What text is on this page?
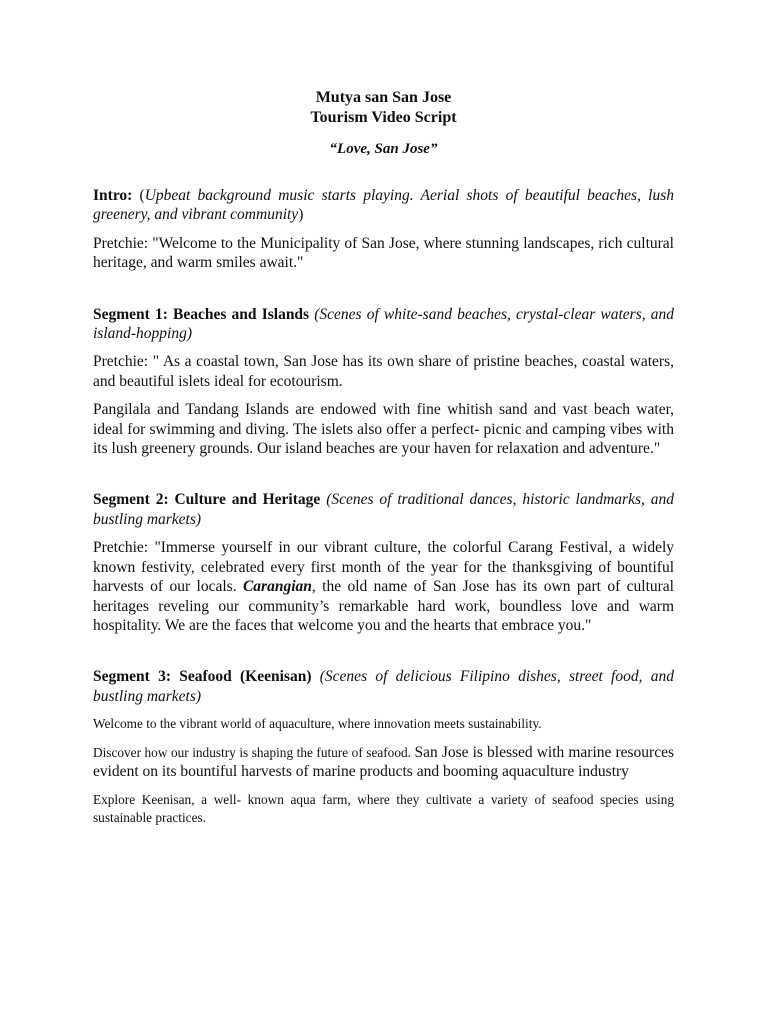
Mutya san San Jose
Tourism Video Script

“Love, San Jose”

Intro: (Upbeat background music starts playing. Aerial shots of beautiful beaches, lush greenery, and vibrant community)

Pretchie: "Welcome to the Municipality of San Jose, where stunning landscapes, rich cultural heritage, and warm smiles await."

Segment 1: Beaches and Islands (Scenes of white-sand beaches, crystal-clear waters, and island-hopping)

Pretchie: " As a coastal town, San Jose has its own share of pristine beaches, coastal waters, and beautiful islets ideal for ecotourism.

Pangilala and Tandang Islands are endowed with fine whitish sand and vast beach water, ideal for swimming and diving. The islets also offer a perfect- picnic and camping vibes with its lush greenery grounds. Our island beaches are your haven for relaxation and adventure."

Segment 2: Culture and Heritage (Scenes of traditional dances, historic landmarks, and bustling markets)

Pretchie: "Immerse yourself in our vibrant culture, the colorful Carang Festival, a widely known festivity, celebrated every first month of the year for the thanksgiving of bountiful harvests of our locals. Carangian, the old name of San Jose has its own part of cultural heritages reveling our community’s remarkable hard work, boundless love and warm hospitality. We are the faces that welcome you and the hearts that embrace you."

Segment 3: Seafood (Keenisan) (Scenes of delicious Filipino dishes, street food, and bustling markets)

Welcome to the vibrant world of aquaculture, where innovation meets sustainability.

Discover how our industry is shaping the future of seafood. San Jose is blessed with marine resources evident on its bountiful harvests of marine products and booming aquaculture industry

Explore Keenisan, a well- known aqua farm, where they cultivate a variety of seafood species using sustainable practices.
